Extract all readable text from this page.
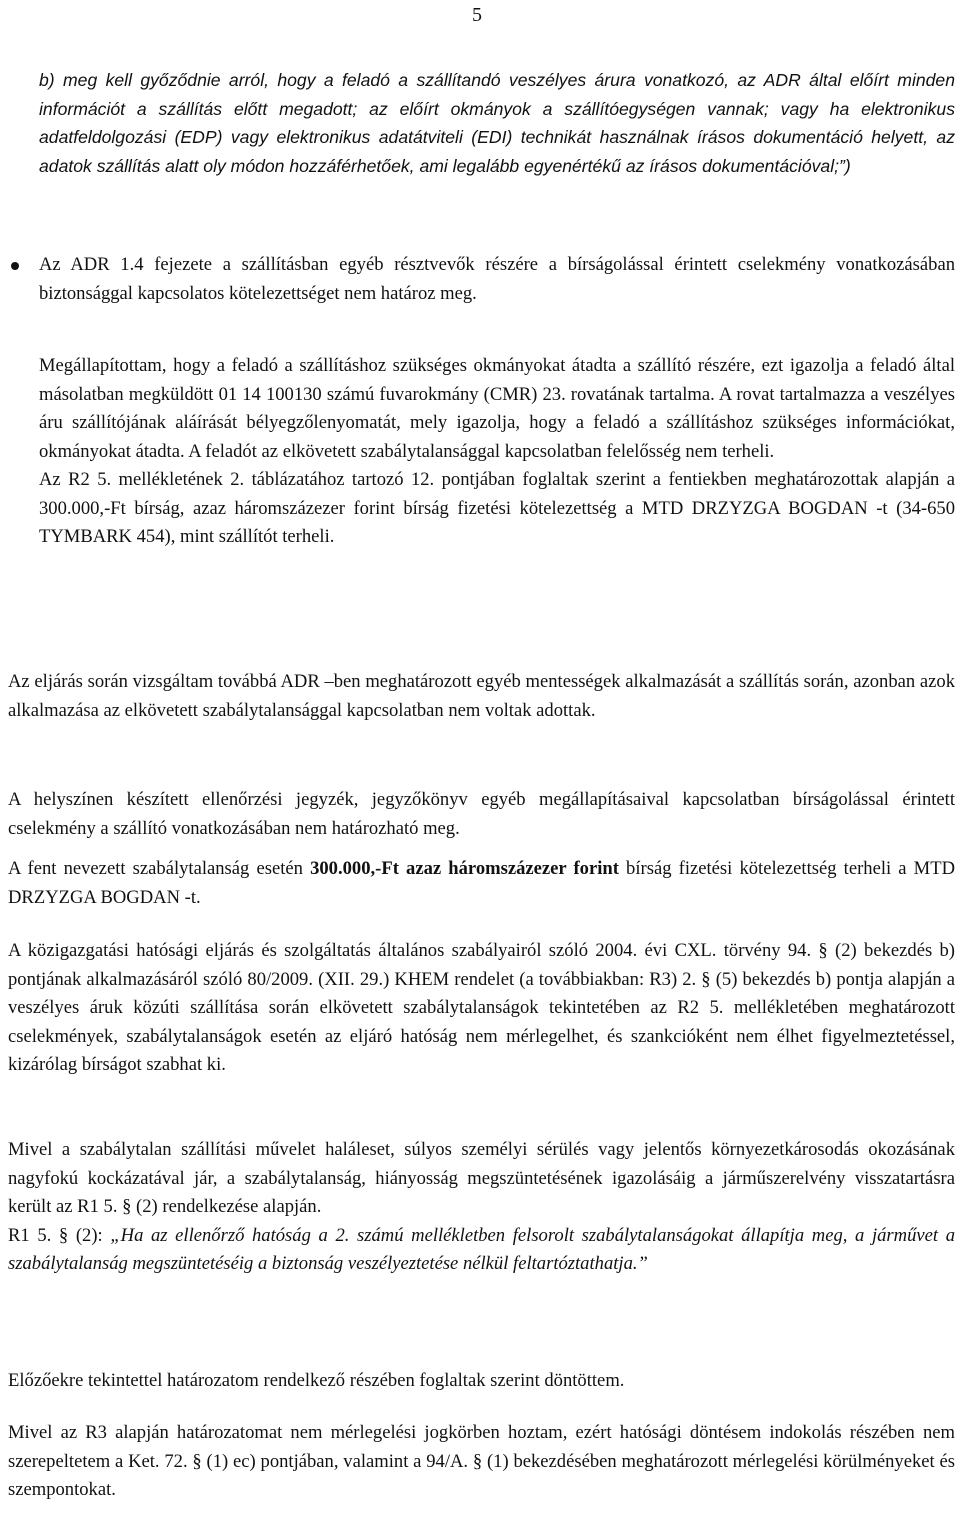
5
b) meg kell győződnie arról, hogy a feladó a szállítandó veszélyes árura vonatkozó, az ADR által előírt minden információt a szállítás előtt megadott; az előírt okmányok a szállítóegységen vannak; vagy ha elektronikus adatfeldolgozási (EDP) vagy elektronikus adatátviteli (EDI) technikát használnak írásos dokumentáció helyett, az adatok szállítás alatt oly módon hozzáférhetőek, ami legalább egyenértékű az írásos dokumentációval;”)
Az ADR 1.4 fejezete a szállításban egyéb résztvevők részére a bírságolással érintett cselekmény vonatkozásában biztonsággal kapcsolatos kötelezettséget nem határoz meg.
Megállapítottam, hogy a feladó a szállításhoz szükséges okmányokat átadta a szállító részére, ezt igazolja a feladó által másolatban megküldött 01 14 100130 számú fuvarokmány (CMR) 23. rovatának tartalma. A rovat tartalmazza a veszélyes áru szállítójának aláírását bélyegzőlenyomatát, mely igazolja, hogy a feladó a szállításhoz szükséges információkat, okmányokat átadta. A feladót az elkövetett szabálytalansággal kapcsolatban felelősség nem terheli.
Az R2 5. mellékletének 2. táblázatához tartozó 12. pontjában foglaltak szerint a fentiekben meghatározottak alapján a 300.000,-Ft bírság, azaz háromszázezer forint bírság fizetési kötelezettség a MTD DRZYZGA BOGDAN -t (34-650 TYMBARK 454), mint szállítót terheli.
Az eljárás során vizsgáltam továbbá ADR –ben meghatározott egyéb mentességek alkalmazását a szállítás során, azonban azok alkalmazása az elkövetett szabálytalansággal kapcsolatban nem voltak adottak.
A helyszínen készített ellenőrzési jegyzék, jegyzőkönyv egyéb megállapításaival kapcsolatban bírságolással érintett cselekmény a szállító vonatkozásában nem határozható meg.
A fent nevezett szabálytalanság esetén 300.000,-Ft azaz háromszázezer forint bírság fizetési kötelezettség terheli a MTD DRZYZGA BOGDAN -t.
A közigazgatási hatósági eljárás és szolgáltatás általános szabályairól szóló 2004. évi CXL. törvény 94. § (2) bekezdés b) pontjának alkalmazásáról szóló 80/2009. (XII. 29.) KHEM rendelet (a továbbiakban: R3) 2. § (5) bekezdés b) pontja alapján a veszélyes áruk közúti szállítása során elkövetett szabálytalanságok tekintetében az R2 5. mellékletében meghatározott cselekmények, szabálytalanságok esetén az eljáró hatóság nem mérlegelhet, és szankcióként nem élhet figyelmeztetéssel, kizárólag bírságot szabhat ki.
Mivel a szabálytalan szállítási művelet haláleset, súlyos személyi sérülés vagy jelentős környezetkárosodás okozásának nagyfokú kockázatával jár, a szabálytalanság, hiányosság megszüntetésének igazolásáig a járműszerelvény visszatartásra került az R1 5. § (2) rendelkezése alapján.
R1 5. § (2): „Ha az ellenőrző hatóság a 2. számú mellékletben felsorolt szabálytalanságokat állapítja meg, a járművet a szabálytalanság megszüntetéséig a biztonság veszélyeztetése nélkül feltartóztathatja.”
Előzőekre tekintettel határozatom rendelkező részében foglaltak szerint döntöttem.
Mivel az R3 alapján határozatomat nem mérlegelési jogkörben hoztam, ezért hatósági döntésem indokolás részében nem szerepeltetem a Ket. 72. § (1) ec) pontjában, valamint a 94/A. § (1) bekezdésében meghatározott mérlegelési körülményeket és szempontokat.
